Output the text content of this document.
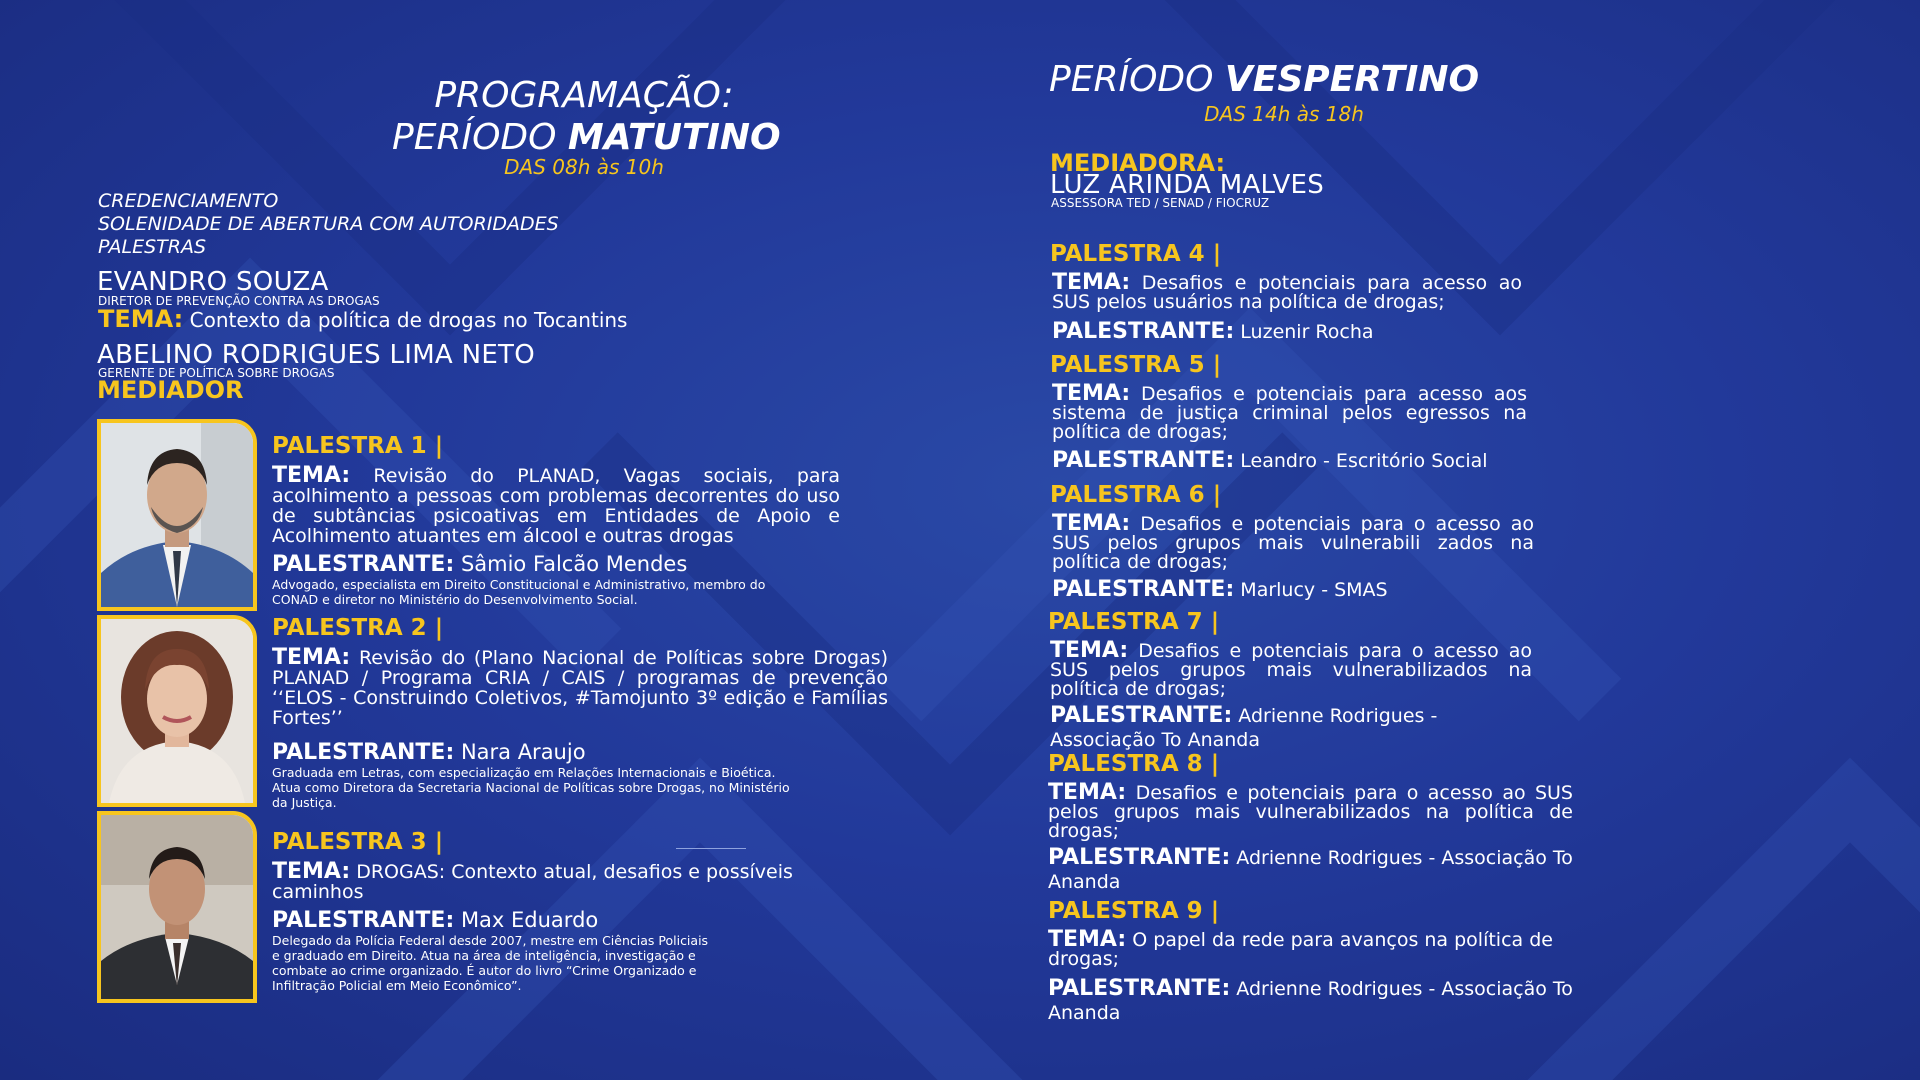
PROGRAMAÇÃO:
PERÍODO MATUTINO
DAS 08h às 10h
CREDENCIAMENTO
SOLENIDADE DE ABERTURA COM AUTORIDADES
PALESTRAS
EVANDRO SOUZA
DIRETOR DE PREVENÇÃO CONTRA AS DROGAS
TEMA: Contexto da política de drogas no Tocantins
ABELINO RODRIGUES LIMA NETO
GERENTE DE POLÍTICA SOBRE DROGAS
MEDIADOR
PALESTRA 1 |
TEMA: Revisão do PLANAD, Vagas sociais, para acolhimento a pessoas com problemas decorrentes do uso de subtâncias psicoativas em Entidades de Apoio e Acolhimento atuantes em álcool e outras drogas
PALESTRANTE: Sâmio Falcão Mendes
Advogado, especialista em Direito Constitucional e Administrativo, membro do CONAD e diretor no Ministério do Desenvolvimento Social.
PALESTRA 2 |
TEMA: Revisão do (Plano Nacional de Políticas sobre Drogas) PLANAD / Programa CRIA / CAIS / programas de prevenção ‘‘ELOS - Construindo Coletivos, #Tamojunto 3º edição e Famílias Fortes’’
PALESTRANTE: Nara Araujo
Graduada em Letras, com especialização em Relações Internacionais e Bioética. Atua como Diretora da Secretaria Nacional de Políticas sobre Drogas, no Ministério da Justiça.
PALESTRA 3 |
TEMA: DROGAS: Contexto atual, desafios e possíveis caminhos
PALESTRANTE: Max Eduardo
Delegado da Polícia Federal desde 2007, mestre em Ciências Policiais e graduado em Direito. Atua na área de inteligência, investigação e combate ao crime organizado. É autor do livro “Crime Organizado e Infiltração Policial em Meio Econômico”.
PERÍODO VESPERTINO
DAS 14h às 18h
MEDIADORA:
LUZ ARINDA MALVES
ASSESSORA TED / SENAD / FIOCRUZ
PALESTRA 4 |
TEMA: Desafios e potenciais para acesso ao SUS pelos usuários na política de drogas;
PALESTRANTE: Luzenir Rocha
PALESTRA 5 |
TEMA: Desafios e potenciais para acesso aos sistema de justiça criminal pelos egressos na política de drogas;
PALESTRANTE: Leandro - Escritório Social
PALESTRA 6 |
TEMA: Desafios e potenciais para o acesso ao SUS pelos grupos mais vulnerabili zados na política de drogas;
PALESTRANTE: Marlucy - SMAS
PALESTRA 7 |
TEMA: Desafios e potenciais para o acesso ao SUS pelos grupos mais vulnerabilizados na política de drogas;
PALESTRANTE: Adrienne Rodrigues - Associação To Ananda
PALESTRA 8 |
TEMA: Desafios e potenciais para o acesso ao SUS pelos grupos mais vulnerabilizados na política de drogas;
PALESTRANTE: Adrienne Rodrigues - Associação To Ananda
PALESTRA 9 |
TEMA: O papel da rede para avanços na política de drogas;
PALESTRANTE: Adrienne Rodrigues - Associação To Ananda
